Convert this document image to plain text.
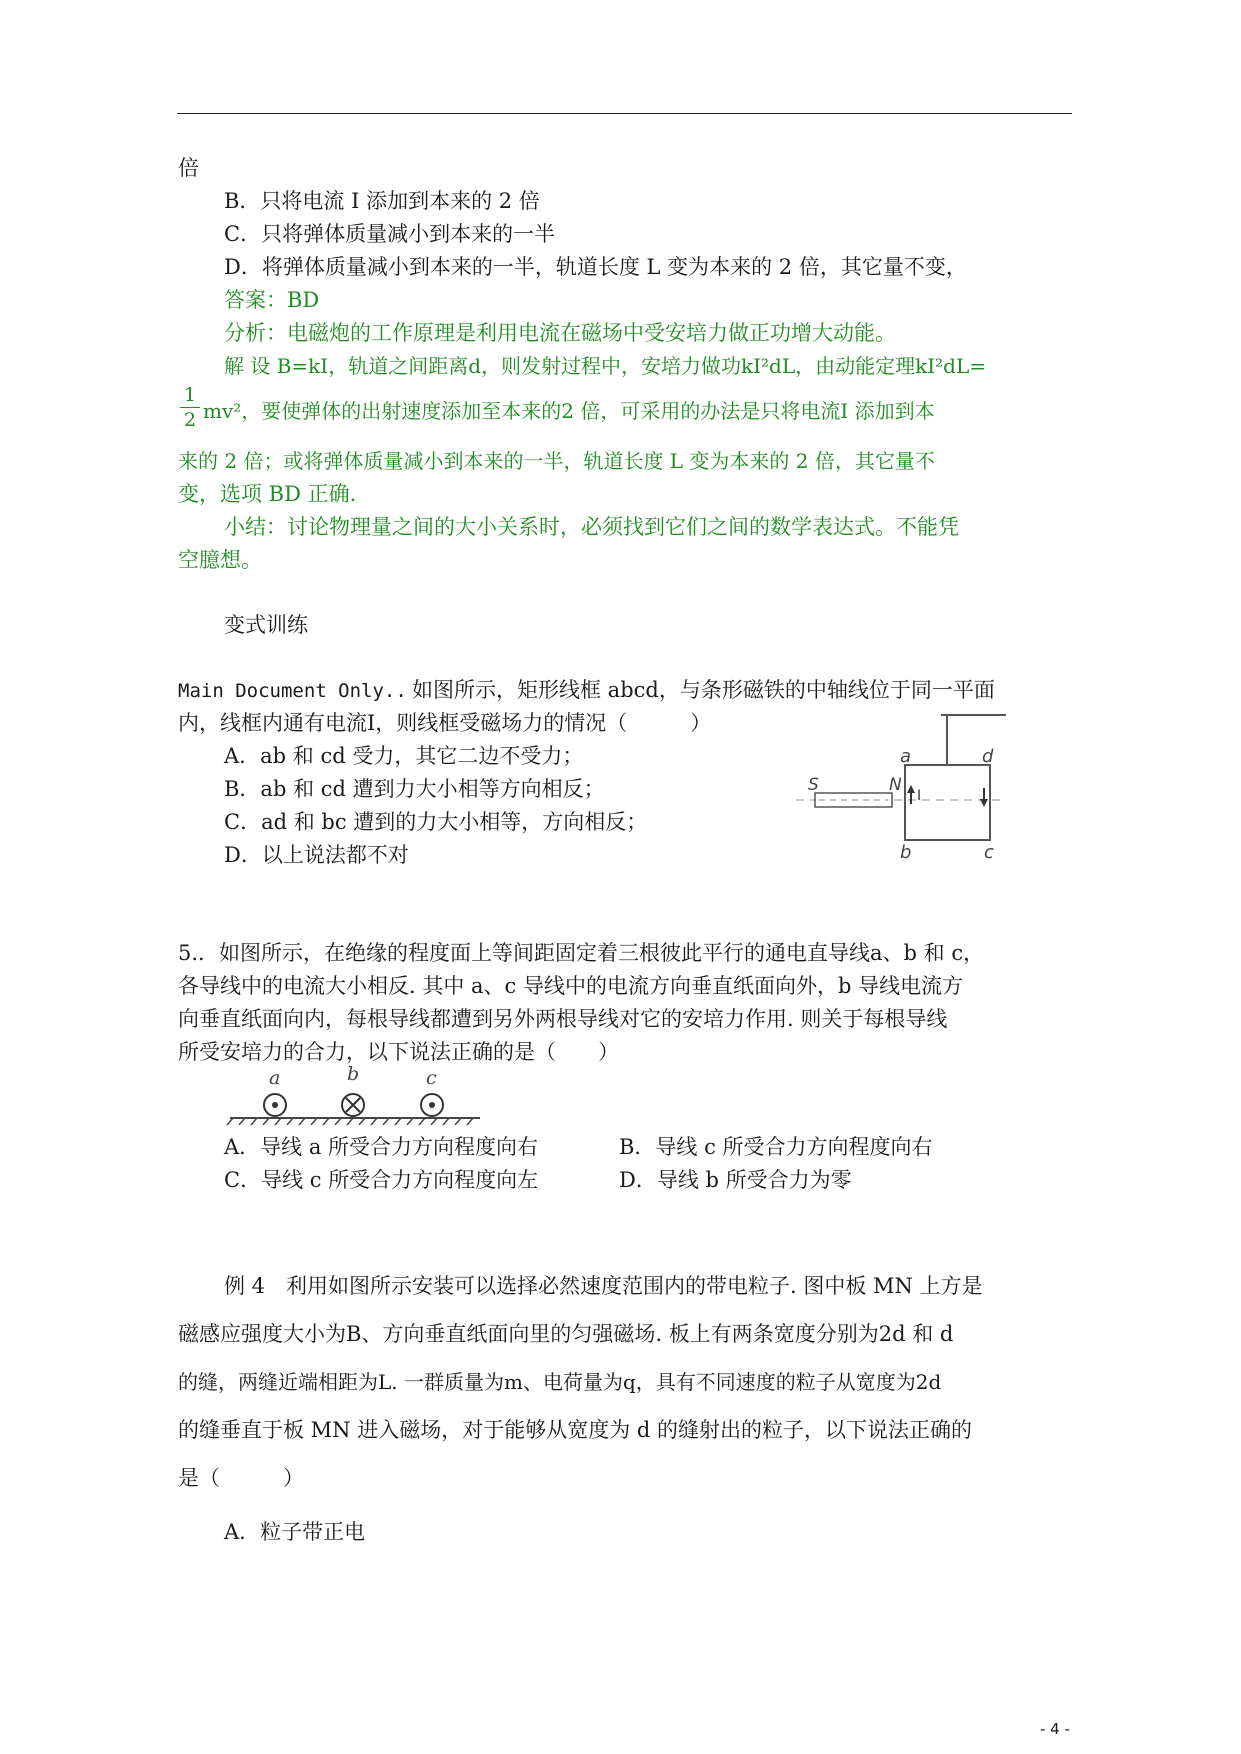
倍
B．只将电流 I 添加到本来的 2 倍
C．只将弹体质量减小到本来的一半
D．将弹体质量减小到本来的一半，轨道长度 L 变为本来的 2 倍，其它量不变，
答案：BD
分析：电磁炮的工作原理是利用电流在磁场中受安培力做正功增大动能。
解 设 B=kI，轨道之间距离d，则发射过程中，安培力做功kI²dL，由动能定理kI²dL=
1
2 mv²，要使弹体的出射速度添加至本来的2 倍，可采用的办法是只将电流I 添加到本
来的 2 倍；或将弹体质量减小到本来的一半，轨道长度 L 变为本来的 2 倍，其它量不
变，选项 BD 正确.
小结：讨论物理量之间的大小关系时，必须找到它们之间的数学表达式。不能凭
空臆想。
变式训练
Main Document Only.. 如图所示，矩形线框 abcd，与条形磁铁的中轴线位于同一平面
内，线框内通有电流I，则线框受磁场力的情况（　　　）
A．ab 和 cd 受力，其它二边不受力；
B．ab 和 cd 遭到力大小相等方向相反；
C．ad 和 bc 遭到的力大小相等，方向相反；
D．以上说法都不对
S	N
a	d
b	c
I
5.．如图所示，在绝缘的程度面上等间距固定着三根彼此平行的通电直导线a、b 和 c，
各导线中的电流大小相反. 其中 a、c 导线中的电流方向垂直纸面向外，b 导线电流方
向垂直纸面向内，每根导线都遭到另外两根导线对它的安培力作用. 则关于每根导线
所受安培力的合力，以下说法正确的是（　　）
a	b	c
A．导线 a 所受合力方向程度向右	B．导线 c 所受合力方向程度向右
C．导线 c 所受合力方向程度向左	D．导线 b 所受合力为零
例 4　利用如图所示安装可以选择必然速度范围内的带电粒子. 图中板 MN 上方是
磁感应强度大小为B、方向垂直纸面向里的匀强磁场. 板上有两条宽度分别为2d 和 d
的缝，两缝近端相距为L. 一群质量为m、电荷量为q，具有不同速度的粒子从宽度为2d
的缝垂直于板 MN 进入磁场，对于能够从宽度为 d 的缝射出的粒子，以下说法正确的
是（　　　）
A．粒子带正电
- 4 -
